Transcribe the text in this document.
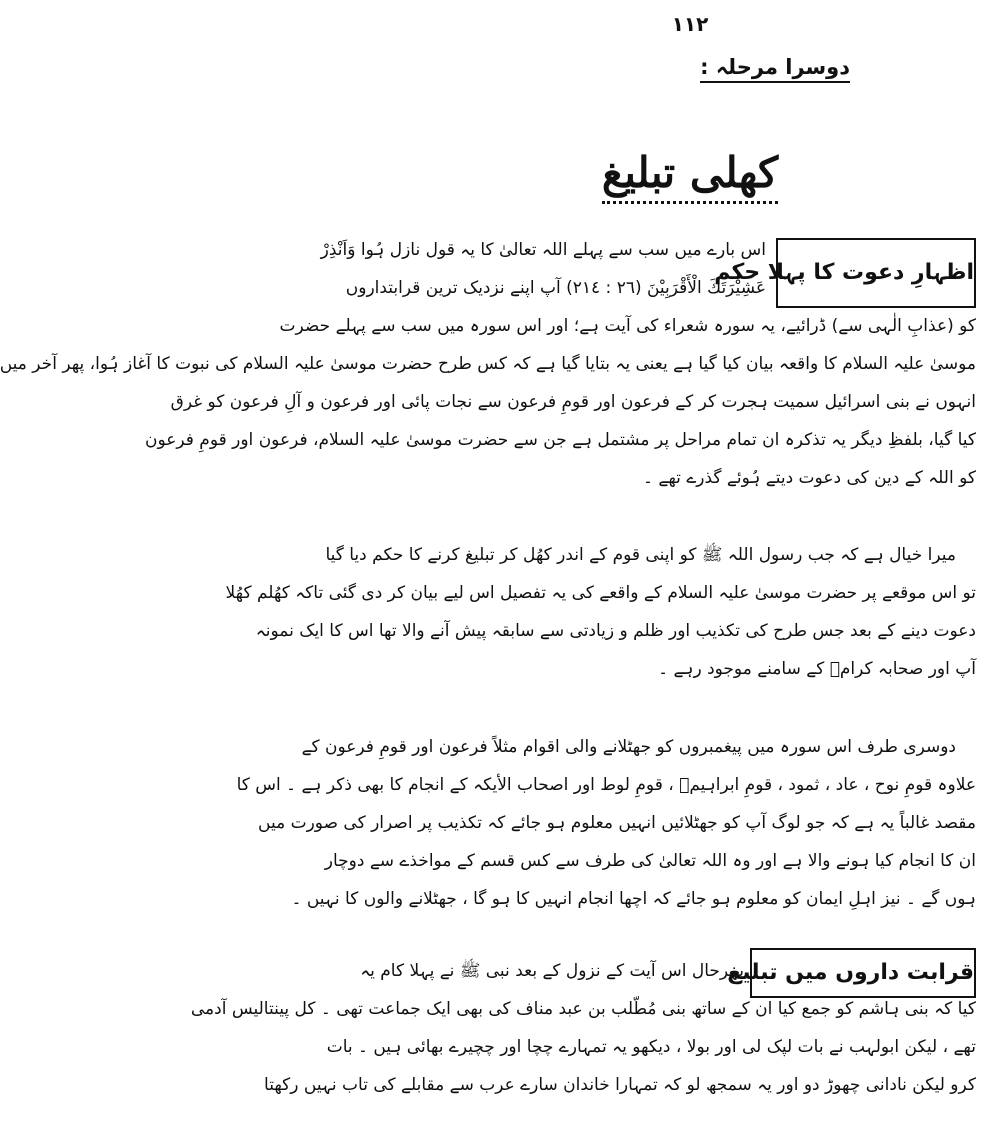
١١٢
دوسرا مرحلہ :
کھلی تبلیغ
اظہارِ دعوت کا پہلا حکم
اس بارے میں سب سے پہلے اللہ تعالیٰ کا یہ قول نازل ہُوا وَاَنْذِرْ
عَشِيْرَتَكَ الْأَقْرَبِيْنَ (٢٦ : ٢١٤) آپ اپنے نزدیک ترین قرابتداروں
کو (عذابِ الٰہی سے) ڈرائیے، یہ سورہ شعراء کی آیت ہے؛ اور اس سورہ میں سب سے پہلے حضرت
موسیٰ علیہ السلام کا واقعہ بیان کیا گیا ہے یعنی یہ بتایا گیا ہے کہ کس طرح حضرت موسیٰ علیہ السلام کی نبوت کا آغاز ہُوا، پھر آخر میں
انہوں نے بنی اسرائیل سمیت ہجرت کر کے فرعون اور قومِ فرعون سے نجات پائی اور فرعون و آلِ فرعون کو غرق
کیا گیا، بلفظِ دیگر یہ تذکرہ ان تمام مراحل پر مشتمل ہے جن سے حضرت موسیٰ علیہ السلام، فرعون اور قومِ فرعون
کو اللہ کے دین کی دعوت دیتے ہُوئے گذرے تھے ۔
میرا خیال ہے کہ جب رسول اللہ ﷺ کو اپنی قوم کے اندر کھُل کر تبلیغ کرنے کا حکم دیا گیا
تو اس موقعے پر حضرت موسیٰ علیہ السلام کے واقعے کی یہ تفصیل اس لیے بیان کر دی گئی تاکہ کھُلم کھُلا
دعوت دینے کے بعد جس طرح کی تکذیب اور ظلم و زیادتی سے سابقہ پیش آنے والا تھا اس کا ایک نمونہ
آپ اور صحابہ کرامؓ کے سامنے موجود رہے ۔
دوسری طرف اس سورہ میں پیغمبروں کو جھٹلانے والی اقوام مثلاً فرعون اور قومِ فرعون کے
علاوہ قومِ نوح ، عاد ، ثمود ، قومِ ابراہیمؑ ، قومِ لوط اور اصحاب الأیکہ کے انجام کا بھی ذکر ہے ۔ اس کا
مقصد غالباً یہ ہے کہ جو لوگ آپ کو جھٹلائیں انہیں معلوم ہو جائے کہ تکذیب پر اصرار کی صورت میں
ان کا انجام کیا ہونے والا ہے اور وہ اللہ تعالیٰ کی طرف سے کس قسم کے مواخذے سے دوچار
ہوں گے ۔ نیز اہلِ ایمان کو معلوم ہو جائے کہ اچھا انجام انہیں کا ہو گا ، جھٹلانے والوں کا نہیں ۔
قرابت داروں میں تبلیغ
بہرحال اس آیت کے نزول کے بعد نبی ﷺ نے پہلا کام یہ
کیا کہ بنی ہاشم کو جمع کیا ان کے ساتھ بنی مُطّلب بن عبد مناف کی بھی ایک جماعت تھی ۔ کل پینتالیس آدمی
تھے ، لیکن ابولہب نے بات لپک لی اور بولا ، دیکھو یہ تمہارے چچا اور چچیرے بھائی ہیں ۔ بات
کرو لیکن نادانی چھوڑ دو اور یہ سمجھ لو کہ تمہارا خاندان سارے عرب سے مقابلے کی تاب نہیں رکھتا
